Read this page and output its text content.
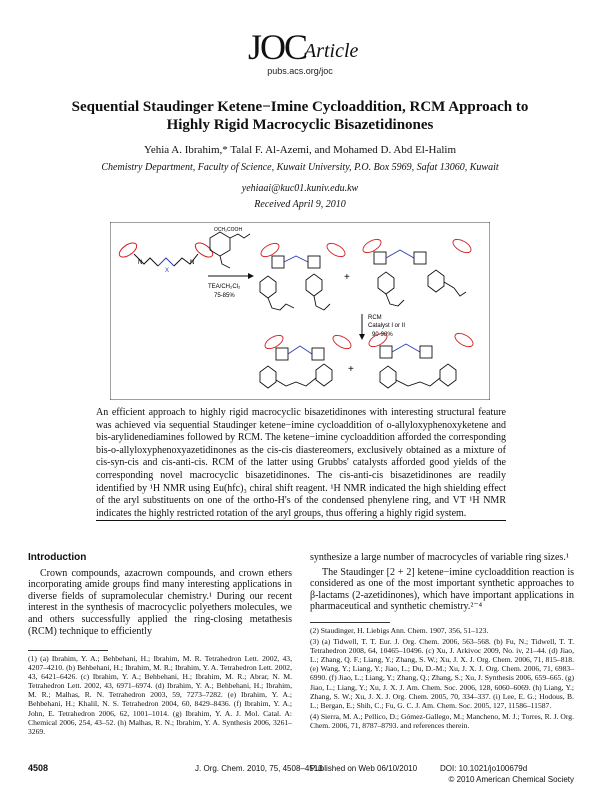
JOC
Article
pubs.acs.org/joc
Sequential Staudinger Ketene−Imine Cycloaddition, RCM Approach to Highly Rigid Macrocyclic Bisazetidinones
Yehia A. Ibrahim,* Talal F. Al-Azemi, and Mohamed D. Abd El-Halim
Chemistry Department, Faculty of Science, Kuwait University, P.O. Box 5969, Safat 13060, Kuwait
yehiaai@kuc01.kuniv.edu.kw
Received April 9, 2010
N	N
X
OCH₂COOH
TEA/CH₂Cl₂
75-85%
+
RCM
Catalyst I or II
90-98%
+
An efficient approach to highly rigid macrocyclic bisazetidinones with interesting structural feature was achieved via sequential Staudinger ketene−imine cycloaddition of o-allyloxyphenoxyketene and bis-arylidenediamines followed by RCM. The ketene−imine cycloaddition afforded the corresponding bis-o-allyloxyphenoxyazetidinones as the cis-cis diastereomers, exclusively obtained as a mixture of cis-syn-cis and cis-anti-cis. RCM of the latter using Grubbs' catalysts afforded good yields of the corresponding novel macrocyclic bisazetidinones. The cis-anti-cis bisazetidinones are readily identified by ¹H NMR using Eu(hfc)₃ chiral shift reagent. ¹H NMR indicated the high shielding effect of the aryl substituents on one of the ortho-H's of the condensed phenylene ring, and VT ¹H NMR indicates the highly restricted rotation of the aryl groups, thus offering a highly rigid system.
Introduction

Crown compounds, azacrown compounds, and crown ethers incorporating amide groups find many interesting applications in diverse fields of supramolecular chemistry.¹ During our recent interest in the synthesis of macrocyclic polyethers molecules, we and others successfully applied the ring-closing metathesis (RCM) technique to efficiently

synthesize a large number of macrocycles of variable ring sizes.¹

The Staudinger [2 + 2] ketene−imine cycloaddition reaction is considered as one of the most important synthetic approaches to β-lactams (2-azetidinones), which have important applications in pharmaceutical and synthetic chemistry.²⁻⁴

(1) (a) Ibrahim, Y. A.; Behbehani, H.; Ibrahim, M. R. Tetrahedron Lett. 2002, 43, 4207–4210. (b) Behbehani, H.; Ibrahim, M. R.; Ibrahim, Y. A. Tetrahedron Lett. 2002, 43, 6421–6426. (c) Ibrahim, Y. A.; Behbehani, H.; Ibrahim, M. R.; Abrar, N. M. Tetrahedron Lett. 2002, 43, 6971–6974. (d) Ibrahim, Y. A.; Behbehani, H.; Ibrahim, M. R.; Malhas, R. N. Tetrahedron 2003, 59, 7273–7282. (e) Ibrahim, Y. A.; Behbehani, H.; Khalil, N. S. Tetrahedron 2004, 60, 8429–8436. (f) Ibrahim, Y. A.; John, E. Tetrahedron 2006, 62, 1001–1014. (g) Ibrahim, Y. A. J. Mol. Catal. A: Chemical 2006, 254, 43–52. (h) Malhas, R. N.; Ibrahim, Y. A. Synthesis 2006, 3261–3269.

(2) Staudinger, H. Liebigs Ann. Chem. 1907, 356, 51–123.

(3) (a) Tidwell, T. T. Eur. J. Org. Chem. 2006, 563–568. (b) Fu, N.; Tidwell, T. T. Tetrahedron 2008, 64, 10465–10496. (c) Xu, J. Arkivoc 2009, No. iv, 21–44. (d) Jiao, L.; Zhang, Q. F.; Liang, Y.; Zhang, S. W.; Xu, J. X. J. Org. Chem. 2006, 71, 815–818. (e) Wang, Y.; Liang, Y.; Jiao, L.; Du, D.-M.; Xu, J. X. J. Org. Chem. 2006, 71, 6983–6990. (f) Jiao, L.; Liang, Y.; Zhang, Q.; Zhang, S.; Xu, J. Synthesis 2006, 659–665. (g) Jiao, L.; Liang, Y.; Xu, J. X. J. Am. Chem. Soc. 2006, 128, 6060–6069. (h) Liang, Y.; Zhang, S. W.; Xu, J. X. J. Org. Chem. 2005, 70, 334–337. (i) Lee, E. G.; Hodous, B. L.; Bergan, E.; Shih, C.; Fu, G. C. J. Am. Chem. Soc. 2005, 127, 11586–11587.

(4) Sierra, M. A.; Pellico, D.; Gómez-Gallego, M.; Mancheno, M. J.; Torres, R. J. Org. Chem. 2006, 71, 8787–8793. and references therein.

4508	J. Org. Chem. 2010, 75, 4508–4513
Published on Web 06/10/2010	DOI: 10.1021/jo100679d
© 2010 American Chemical Society
